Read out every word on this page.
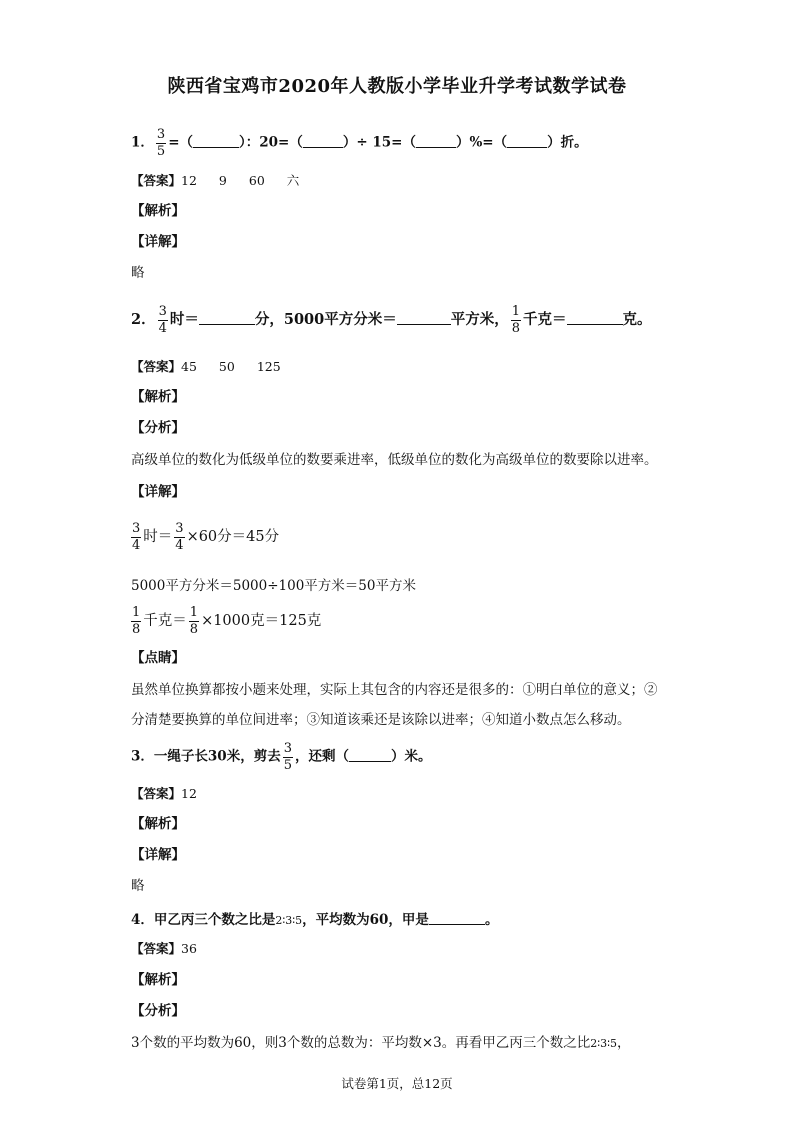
陕西省宝鸡市2020年人教版小学毕业升学考试数学试卷
1． $\frac{3}{5}$ =（	）：20=（	）÷ 15=（	）%=（	）折。
【答案】12 9 60 六
【解析】
【详解】
略
2． $\frac{3}{4}$ 时＝	分，5000平方分米＝	平方米， $\frac{1}{8}$ 千克＝	克。
【答案】45 50 125
【解析】
【分析】
高级单位的数化为低级单位的数要乘进率，低级单位的数化为高级单位的数要除以进率。
【详解】
$\frac{3}{4}$ 时＝ $\frac{3}{4} \times 60$分＝45分
5000平方分米＝5000÷100平方米＝50平方米
$\frac{1}{8}$ 千克＝ $\frac{1}{8} \times 1000$克＝125克
【点睛】
虽然单位换算都按小题来处理，实际上其包含的内容还是很多的：①明白单位的意义；②
分清楚要换算的单位间进率；③知道该乘还是该除以进率；④知道小数点怎么移动。
3．一绳子长30米，剪去 $\frac{3}{5}$ ，还剩（	）米。
【答案】12
【解析】
【详解】
略
4．甲乙丙三个数之比是2∶3∶5，平均数为60，甲是	。
【答案】36
【解析】
【分析】
3个数的平均数为60，则3个数的总数为：平均数×3。再看甲乙丙三个数之比2∶3∶5，
试卷第1页，总12页
